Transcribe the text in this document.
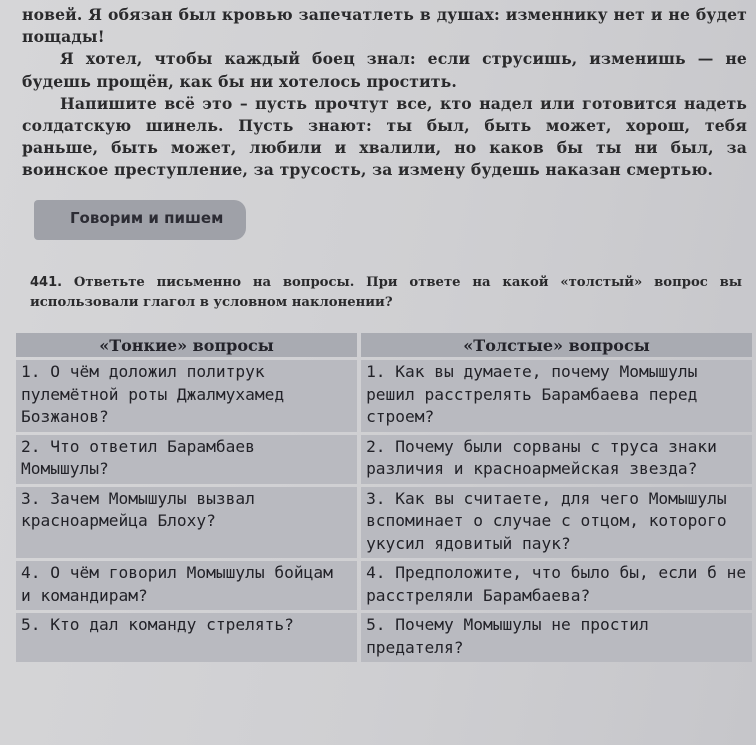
новей. Я обязан был кровью запечатлеть в душах: изменнику нет и не будет пощады!

Я хотел, чтобы каждый боец знал: если струсишь, изменишь — не будешь прощён, как бы ни хотелось простить.

Напишите всё это – пусть прочтут все, кто надел или готовится надеть солдатскую шинель. Пусть знают: ты был, быть может, хорош, тебя раньше, быть может, любили и хвалили, но каков бы ты ни был, за воинское преступление, за трусость, за измену будешь наказан смертью.

Говорим и пишем
441. Ответьте письменно на вопросы. При ответе на какой «толстый» вопрос вы использовали глагол в условном наклонении?
«Тонкие» вопросы	«Толстые» вопросы
1. О чём доложил политрук пулемётной роты Джалмухамед Бозжанов?	1. Как вы думаете, почему Момышулы решил расстрелять Барамбаева перед строем?
2. Что ответил Барамбаев Момышулы?	2. Почему были сорваны с труса знаки различия и красноармейская звезда?
3. Зачем Момышулы вызвал красноармейца Блоху?	3. Как вы считаете, для чего Момышулы вспоминает о случае с отцом, которого укусил ядовитый паук?
4. О чём говорил Момышулы бойцам и командирам?	4. Предположите, что было бы, если б не расстреляли Барамбаева?
5. Кто дал команду стрелять?	5. Почему Момышулы не простил предателя?
